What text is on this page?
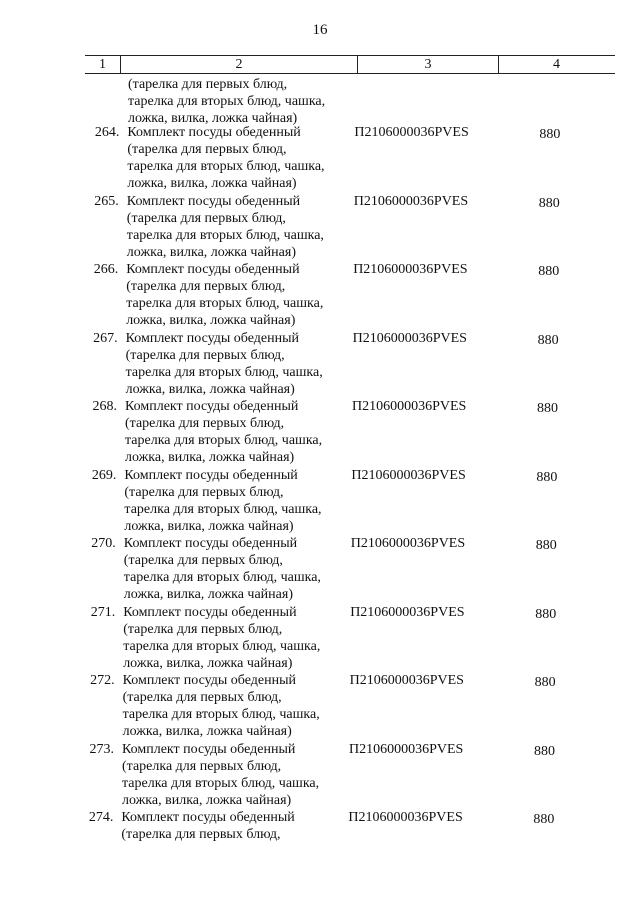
16
1	2	3	4
(тарелка для первых блюд,
тарелка для вторых блюд, чашка,
ложка, вилка, ложка чайная)
264. Комплект посуды обеденный
(тарелка для первых блюд,
тарелка для вторых блюд, чашка,
ложка, вилка, ложка чайная)
П2106000036PVES	880
265. Комплект посуды обеденный
(тарелка для первых блюд,
тарелка для вторых блюд, чашка,
ложка, вилка, ложка чайная)
П2106000036PVES	880
266. Комплект посуды обеденный
(тарелка для первых блюд,
тарелка для вторых блюд, чашка,
ложка, вилка, ложка чайная)
П2106000036PVES	880
267. Комплект посуды обеденный
(тарелка для первых блюд,
тарелка для вторых блюд, чашка,
ложка, вилка, ложка чайная)
П2106000036PVES	880
268. Комплект посуды обеденный
(тарелка для первых блюд,
тарелка для вторых блюд, чашка,
ложка, вилка, ложка чайная)
П2106000036PVES	880
269. Комплект посуды обеденный
(тарелка для первых блюд,
тарелка для вторых блюд, чашка,
ложка, вилка, ложка чайная)
П2106000036PVES	880
270. Комплект посуды обеденный
(тарелка для первых блюд,
тарелка для вторых блюд, чашка,
ложка, вилка, ложка чайная)
П2106000036PVES	880
271. Комплект посуды обеденный
(тарелка для первых блюд,
тарелка для вторых блюд, чашка,
ложка, вилка, ложка чайная)
П2106000036PVES	880
272. Комплект посуды обеденный
(тарелка для первых блюд,
тарелка для вторых блюд, чашка,
ложка, вилка, ложка чайная)
П2106000036PVES	880
273. Комплект посуды обеденный
(тарелка для первых блюд,
тарелка для вторых блюд, чашка,
ложка, вилка, ложка чайная)
П2106000036PVES	880
274. Комплект посуды обеденный
(тарелка для первых блюд,
П2106000036PVES	880
